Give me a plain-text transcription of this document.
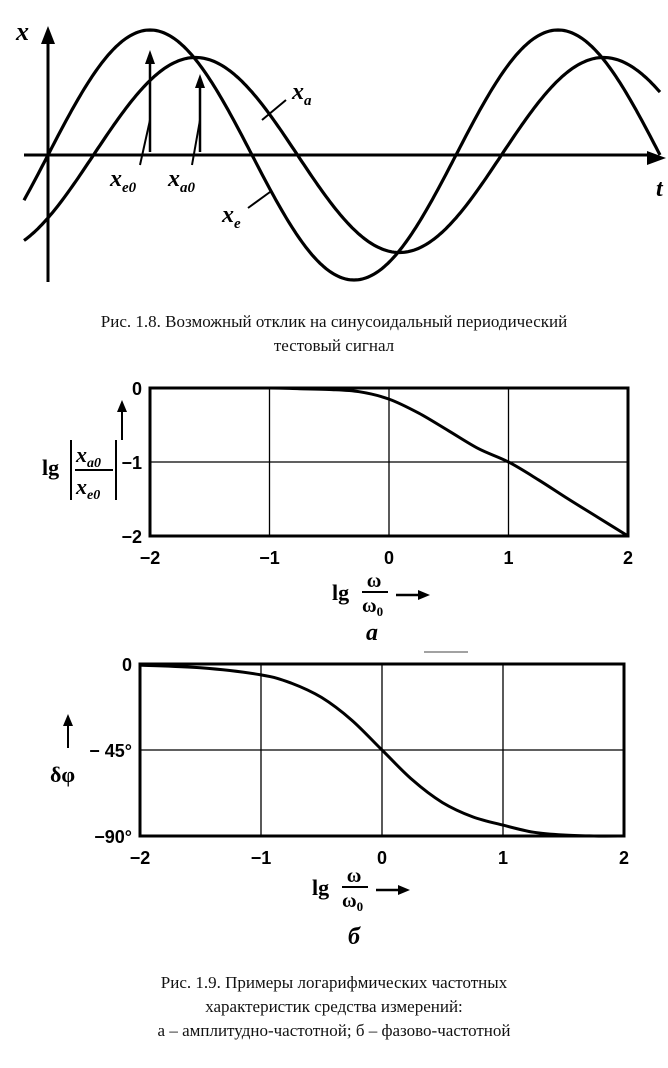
x
t
$x_{e0}$ $x_{a0}$
$x_a$
$x_e$
Рис. 1.8. Возможный отклик на синусоидальный периодический
тестовый сигнал
−2	−1	0	1	2
0
−1
−2
lg
$x_{a0}$
$x_{e0}$
lg ω
$\omega_0$
а
−2	−1	0	1	2
0
− 45°
−90°
δφ
lg ω
$\omega_0$
б
Рис. 1.9. Примеры логарифмических частотных
характеристик средства измерений:
а – амплитудно-частотной; б – фазово-частотной
